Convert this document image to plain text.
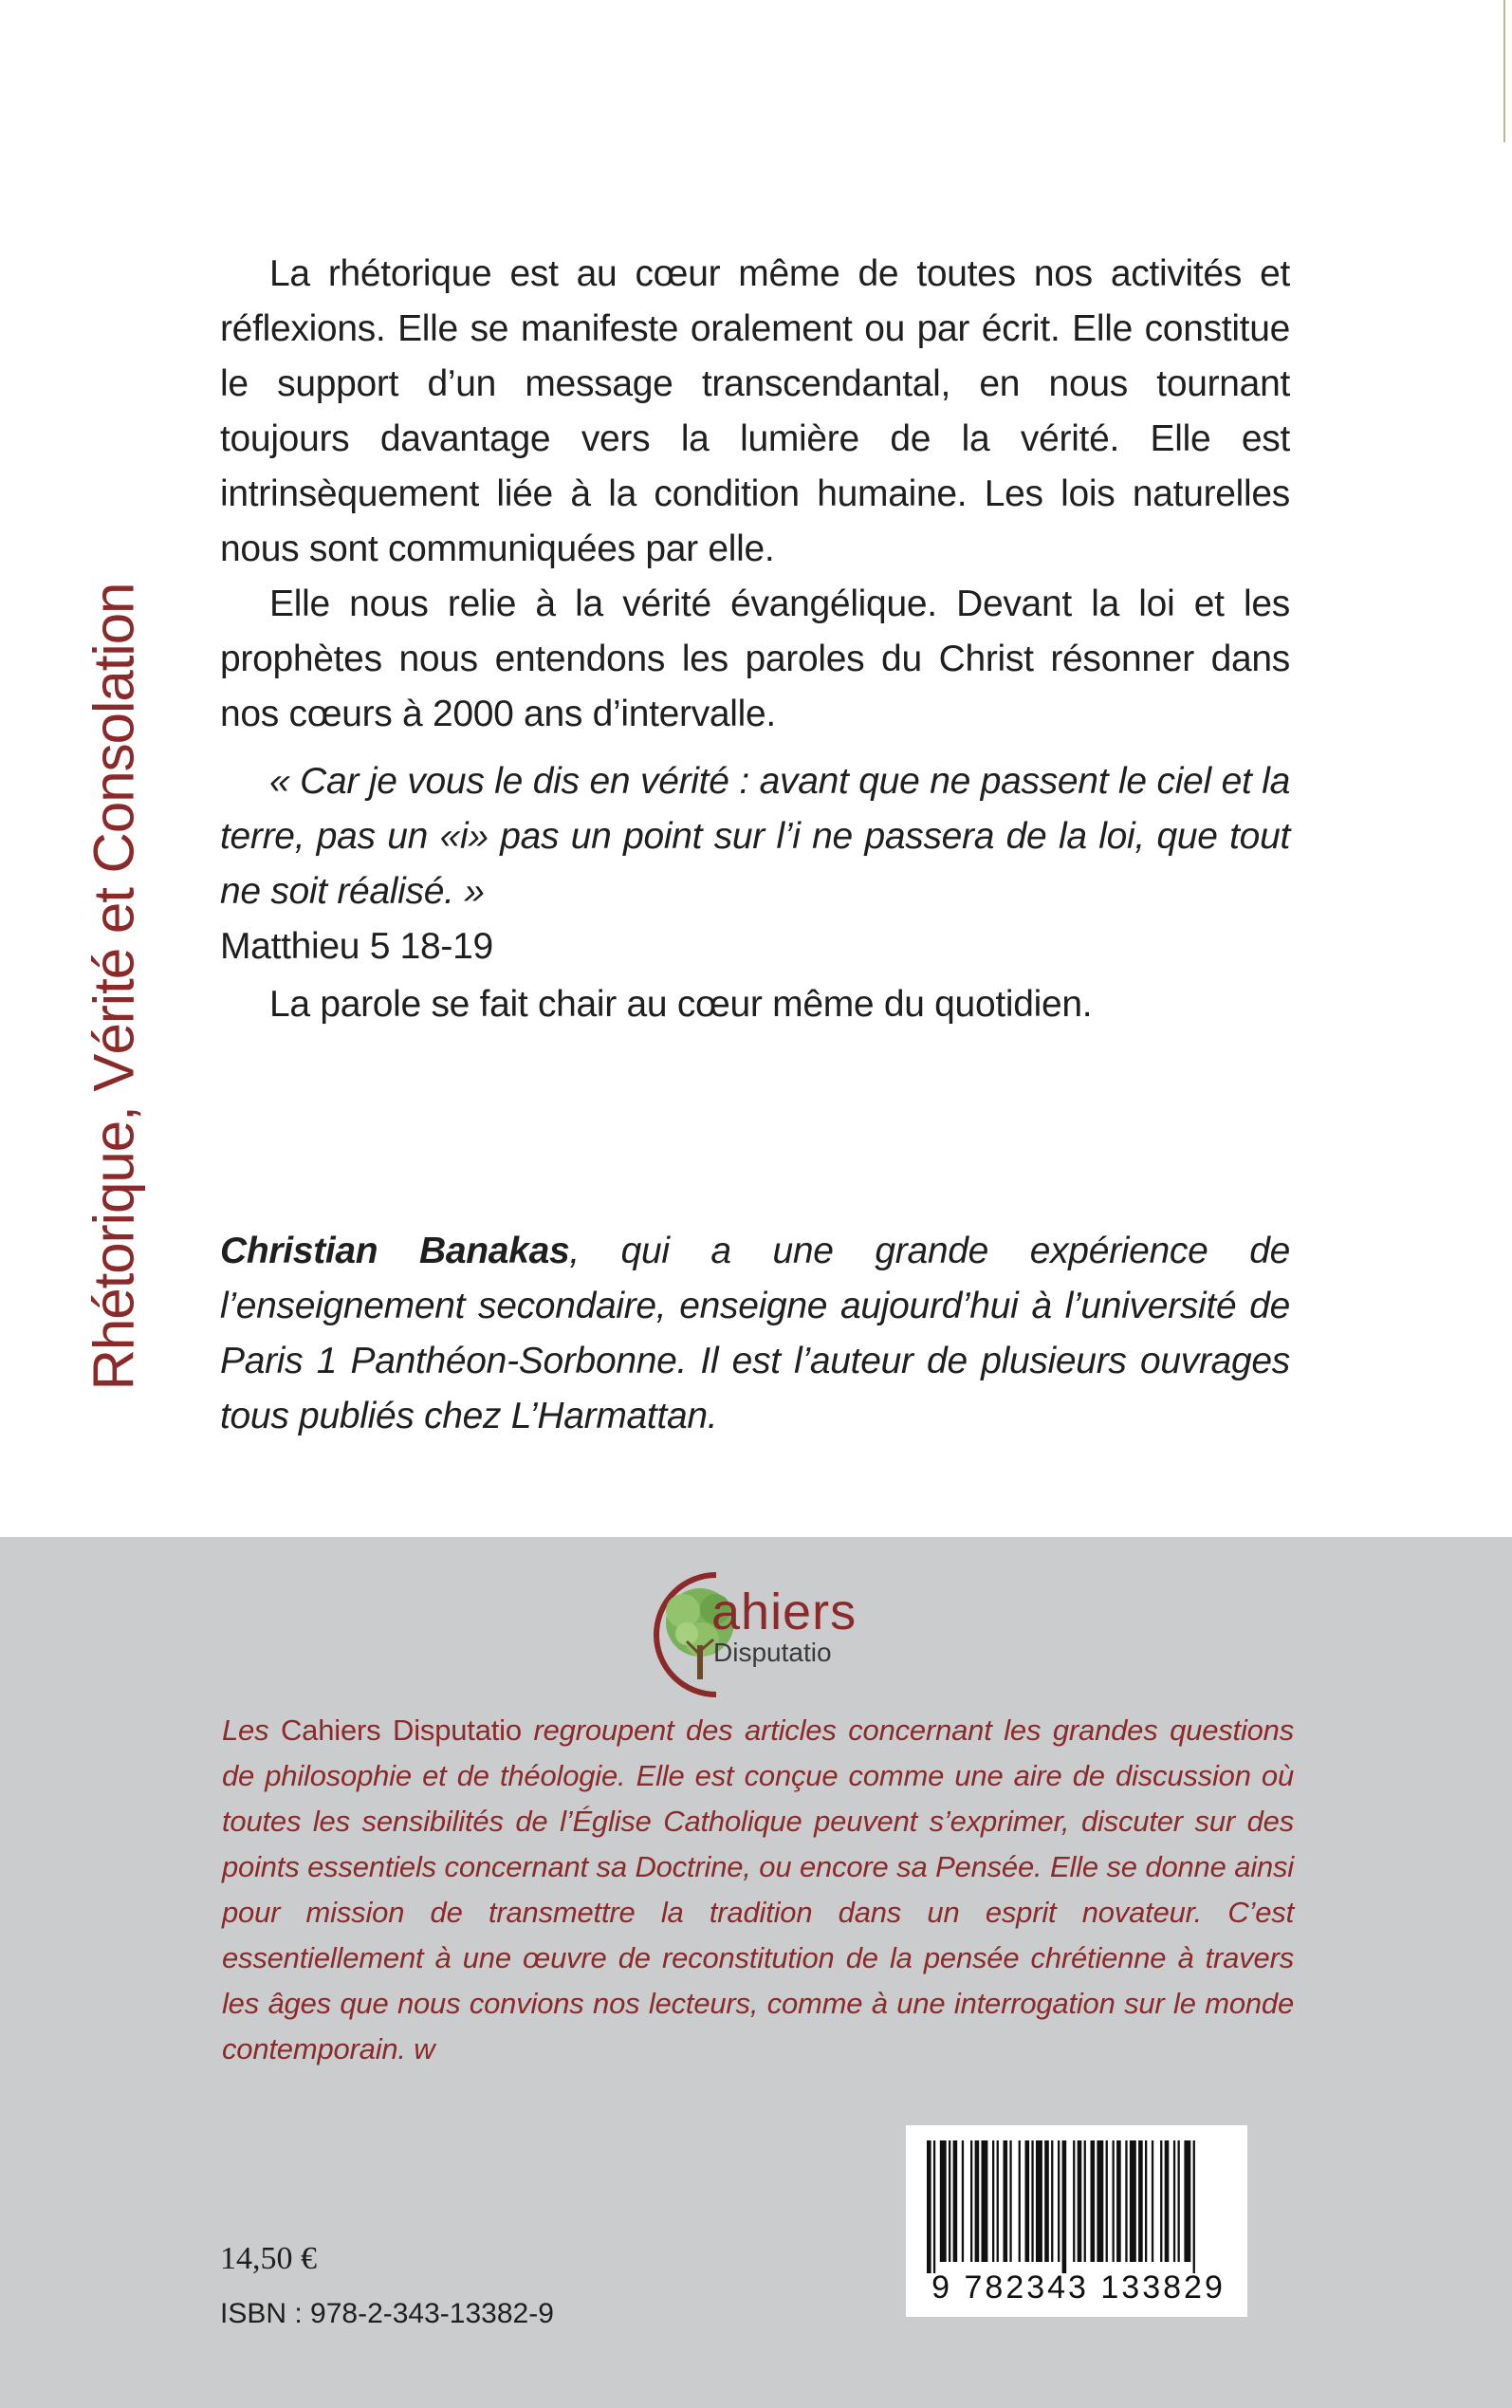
Rhétorique, Vérité et Consolation

La rhétorique est au cœur même de toutes nos activités et réflexions. Elle se manifeste oralement ou par écrit. Elle constitue le support d’un message transcendantal, en nous tournant toujours davantage vers la lumière de la vérité. Elle est intrinsèquement liée à la condition humaine. Les lois naturelles nous sont communiquées par elle.

Elle nous relie à la vérité évangélique. Devant la loi et les prophètes nous entendons les paroles du Christ résonner dans nos cœurs à 2000 ans d’intervalle.

« Car je vous le dis en vérité : avant que ne passent le ciel et la terre, pas un «i» pas un point sur l’i ne passera de la loi, que tout ne soit réalisé. »

Matthieu 5 18-19

La parole se fait chair au cœur même du quotidien.
Christian Banakas, qui a une grande expérience de l’enseignement secondaire, enseigne aujourd’hui à l’université de Paris 1 Panthéon-Sorbonne. Il est l’auteur de plusieurs ouvrages tous publiés chez L’Harmattan.
ahiers
Disputatio
Les Cahiers Disputatio regroupent des articles concernant les grandes questions de philosophie et de théologie. Elle est conçue comme une aire de discussion où toutes les sensibilités de l’Église Catholique peuvent s’exprimer, discuter sur des points essentiels concernant sa Doctrine, ou encore sa Pensée. Elle se donne ainsi pour mission de transmettre la tradition dans un esprit novateur. C’est essentiellement à une œuvre de reconstitution de la pensée chrétienne à travers les âges que nous convions nos lecteurs, comme à une interrogation sur le monde contemporain. w
9 782343 133829
14,50 €
ISBN : 978-2-343-13382-9
